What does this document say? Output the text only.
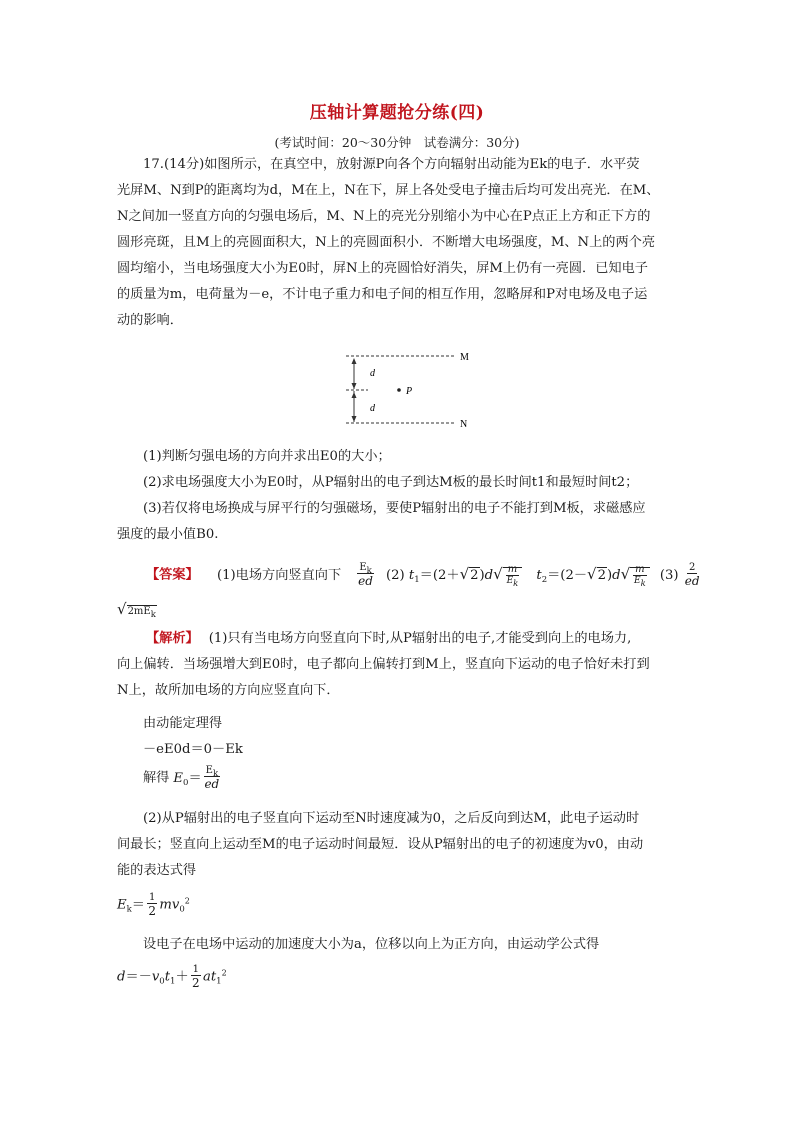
压轴计算题抢分练(四)
(考试时间：20～30分钟　试卷满分：30分)
17.(14分)如图所示，在真空中，放射源P向各个方向辐射出动能为Ek的电子．水平荧
光屏M、N到P的距离均为d，M在上，N在下，屏上各处受电子撞击后均可发出亮光．在M、
N之间加一竖直方向的匀强电场后，M、N上的亮光分别缩小为中心在P点正上方和正下方的
圆形亮斑，且M上的亮圆面积大，N上的亮圆面积小．不断增大电场强度，M、N上的两个亮
圆均缩小，当电场强度大小为E0时，屏N上的亮圆恰好消失，屏M上仍有一亮圆．已知电子
的质量为m，电荷量为－e，不计电子重力和电子间的相互作用，忽略屏和P对电场及电子运
动的影响．
M
N
P
d
d
(1)判断匀强电场的方向并求出E0的大小；
(2)求电场强度大小为E0时，从P辐射出的电子到达M板的最长时间t1和最短时间t2；
(3)若仅将电场换成与屏平行的匀强磁场，要使P辐射出的电子不能打到M板，求磁感应
强度的最小值B0.
【答案】 (1)电场方向竖直向下 $\frac{E_k}{ed} (2)$ $t_1=(2+√2)d√ \frac{m}{E_k} t_2=(2-√2)d√ \frac{m}{E_k} (3) \frac{2}{ed}$
$√2mE_k$
【解析】 (1)只有当电场方向竖直向下时,从P辐射出的电子,才能受到向上的电场力,
向上偏转．当场强增大到E0时，电子都向上偏转打到M上，竖直向下运动的电子恰好未打到
N上，故所加电场的方向应竖直向下．
由动能定理得
－eE0d＝0－Ek
解得 $E_0= \frac{E_k}{ed}$
(2)从P辐射出的电子竖直向下运动至N时速度减为0，之后反向到达M，此电子运动时
间最长；竖直向上运动至M的电子运动时间最短．设从P辐射出的电子的初速度为v0，由动
能的表达式得
$E_k= \frac{1}{2} mv_0^2$
设电子在电场中运动的加速度大小为a，位移以向上为正方向，由运动学公式得
$d=-v_0t_1+ \frac{1}{2} at_1^2$
